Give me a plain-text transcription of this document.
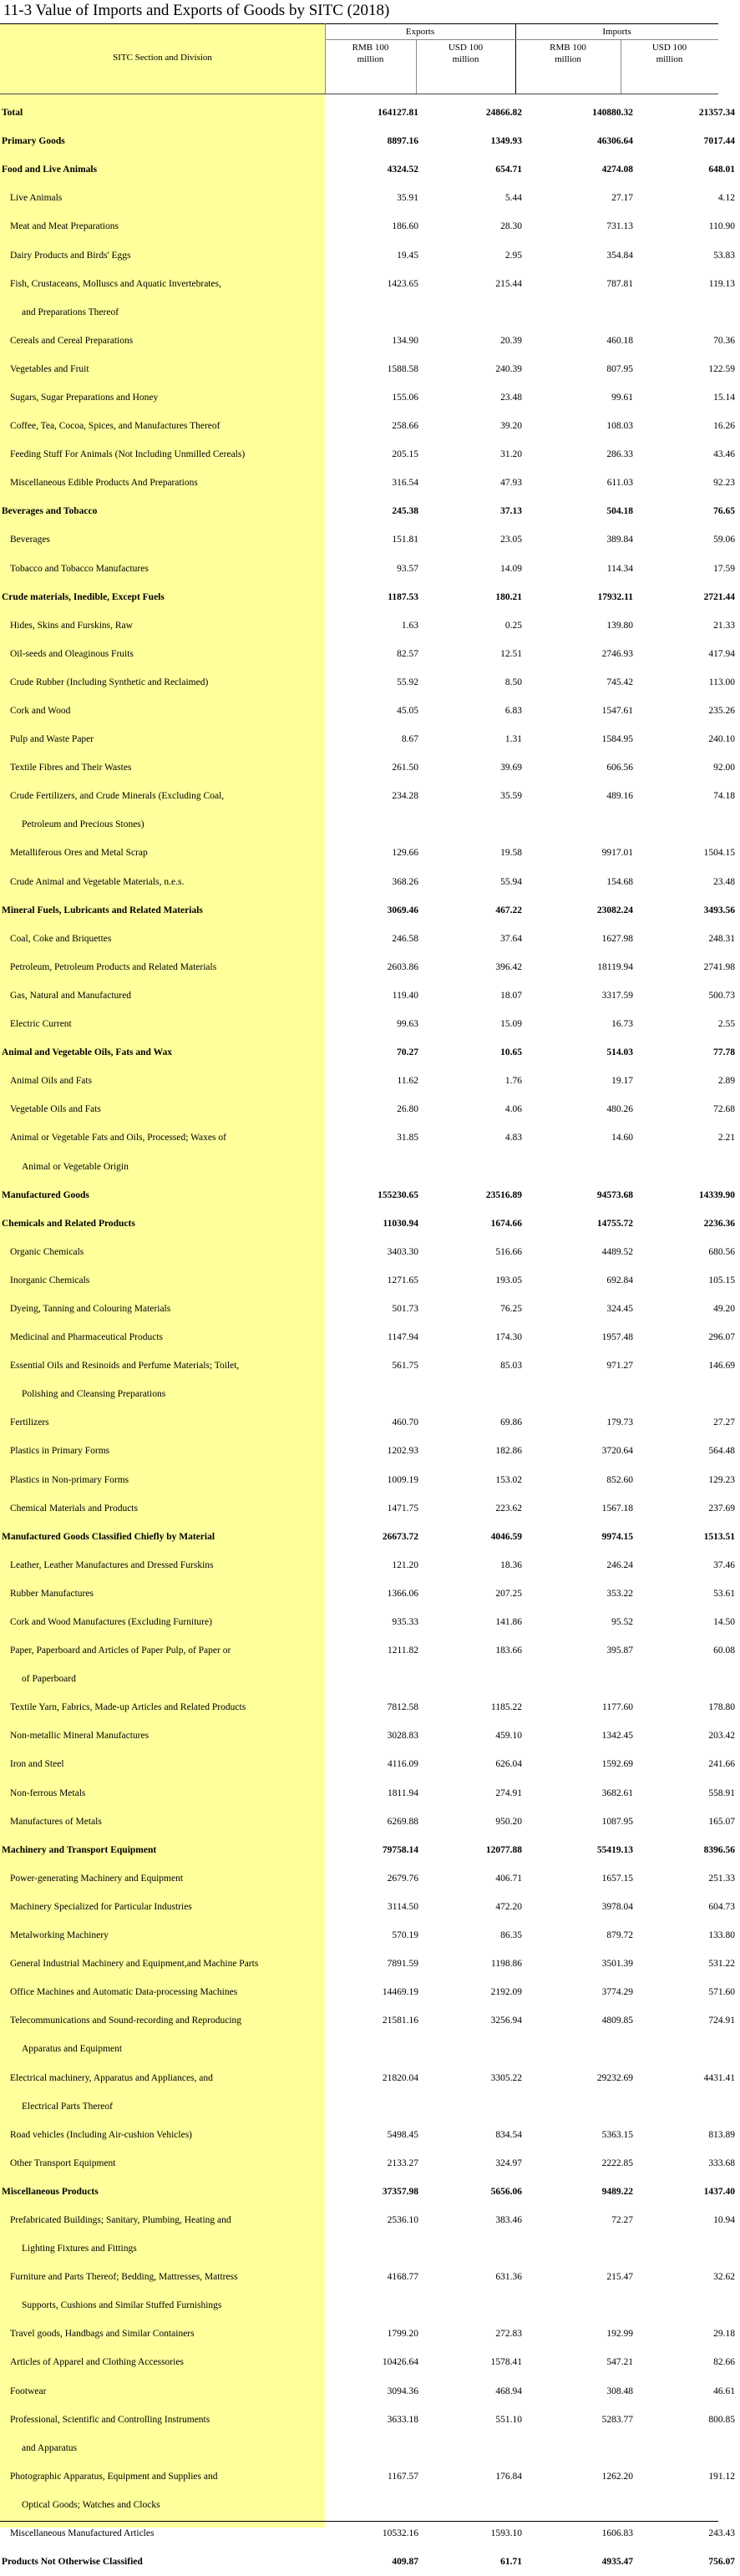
11-3 Value of Imports and Exports of Goods by SITC (2018)
SITC Section and Division
Exports	Imports
RMB 100
million
USD 100
million
RMB 100
million
USD 100
million
Total	164127.81	24866.82	140880.32	21357.34
Primary Goods	8897.16	1349.93	46306.64	7017.44
Food and Live Animals	4324.52	654.71	4274.08	648.01
Live Animals	35.91	5.44	27.17	4.12
Meat and Meat Preparations	186.60	28.30	731.13	110.90
Dairy Products and Birds' Eggs	19.45	2.95	354.84	53.83
Fish, Crustaceans, Molluscs and Aquatic Invertebrates,	1423.65	215.44	787.81	119.13

and Preparations Thereof				

Cereals and Cereal Preparations	134.90	20.39	460.18	70.36
Vegetables and Fruit	1588.58	240.39	807.95	122.59
Sugars, Sugar Preparations and Honey	155.06	23.48	99.61	15.14
Coffee, Tea, Cocoa, Spices, and Manufactures Thereof	258.66	39.20	108.03	16.26
Feeding Stuff For Animals (Not Including Unmilled Cereals)	205.15	31.20	286.33	43.46
Miscellaneous Edible Products And Preparations	316.54	47.93	611.03	92.23
Beverages and Tobacco	245.38	37.13	504.18	76.65
Beverages	151.81	23.05	389.84	59.06
Tobacco and Tobacco Manufactures	93.57	14.09	114.34	17.59
Crude materials, Inedible, Except Fuels	1187.53	180.21	17932.11	2721.44
Hides, Skins and Furskins, Raw	1.63	0.25	139.80	21.33
Oil-seeds and Oleaginous Fruits	82.57	12.51	2746.93	417.94
Crude Rubber (Including Synthetic and Reclaimed)	55.92	8.50	745.42	113.00
Cork and Wood	45.05	6.83	1547.61	235.26
Pulp and Waste Paper	8.67	1.31	1584.95	240.10
Textile Fibres and Their Wastes	261.50	39.69	606.56	92.00
Crude Fertilizers, and Crude Minerals (Excluding Coal,	234.28	35.59	489.16	74.18

Petroleum and Precious Stones)				

Metalliferous Ores and Metal Scrap	129.66	19.58	9917.01	1504.15
Crude Animal and Vegetable Materials, n.e.s.	368.26	55.94	154.68	23.48
Mineral Fuels, Lubricants and Related Materials	3069.46	467.22	23082.24	3493.56
Coal, Coke and Briquettes	246.58	37.64	1627.98	248.31
Petroleum, Petroleum Products and Related Materials	2603.86	396.42	18119.94	2741.98
Gas, Natural and Manufactured	119.40	18.07	3317.59	500.73
Electric Current	99.63	15.09	16.73	2.55
Animal and Vegetable Oils, Fats and Wax	70.27	10.65	514.03	77.78
Animal Oils and Fats	11.62	1.76	19.17	2.89
Vegetable Oils and Fats	26.80	4.06	480.26	72.68
Animal or Vegetable Fats and Oils, Processed; Waxes of	31.85	4.83	14.60	2.21

Animal or Vegetable Origin				

Manufactured Goods	155230.65	23516.89	94573.68	14339.90
Chemicals and Related Products	11030.94	1674.66	14755.72	2236.36
Organic Chemicals	3403.30	516.66	4489.52	680.56
Inorganic Chemicals	1271.65	193.05	692.84	105.15
Dyeing, Tanning and Colouring Materials	501.73	76.25	324.45	49.20
Medicinal and Pharmaceutical Products	1147.94	174.30	1957.48	296.07
Essential Oils and Resinoids and Perfume Materials; Toilet,	561.75	85.03	971.27	146.69

Polishing and Cleansing Preparations				

Fertilizers	460.70	69.86	179.73	27.27
Plastics in Primary Forms	1202.93	182.86	3720.64	564.48
Plastics in Non-primary Forms	1009.19	153.02	852.60	129.23
Chemical Materials and Products	1471.75	223.62	1567.18	237.69
Manufactured Goods Classified Chiefly by Material	26673.72	4046.59	9974.15	1513.51
Leather, Leather Manufactures and Dressed Furskins	121.20	18.36	246.24	37.46
Rubber Manufactures	1366.06	207.25	353.22	53.61
Cork and Wood Manufactures (Excluding Furniture)	935.33	141.86	95.52	14.50
Paper, Paperboard and Articles of Paper Pulp, of Paper or	1211.82	183.66	395.87	60.08

of Paperboard				

Textile Yarn, Fabrics, Made-up Articles and Related Products	7812.58	1185.22	1177.60	178.80
Non-metallic Mineral Manufactures	3028.83	459.10	1342.45	203.42
Iron and Steel	4116.09	626.04	1592.69	241.66
Non-ferrous Metals	1811.94	274.91	3682.61	558.91
Manufactures of Metals	6269.88	950.20	1087.95	165.07
Machinery and Transport Equipment	79758.14	12077.88	55419.13	8396.56
Power-generating Machinery and Equipment	2679.76	406.71	1657.15	251.33
Machinery Specialized for Particular Industries	3114.50	472.20	3978.04	604.73
Metalworking Machinery	570.19	86.35	879.72	133.80
General Industrial Machinery and Equipment,and Machine Parts	7891.59	1198.86	3501.39	531.22
Office Machines and Automatic Data-processing Machines	14469.19	2192.09	3774.29	571.60
Telecommunications and Sound-recording and Reproducing	21581.16	3256.94	4809.85	724.91

Apparatus and Equipment				

Electrical machinery, Apparatus and Appliances, and	21820.04	3305.22	29232.69	4431.41

Electrical Parts Thereof				

Road vehicles (Including Air-cushion Vehicles)	5498.45	834.54	5363.15	813.89
Other Transport Equipment	2133.27	324.97	2222.85	333.68
Miscellaneous Products	37357.98	5656.06	9489.22	1437.40
Prefabricated Buildings; Sanitary, Plumbing, Heating and	2536.10	383.46	72.27	10.94

Lighting Fixtures and Fittings				

Furniture and Parts Thereof; Bedding, Mattresses, Mattress	4168.77	631.36	215.47	32.62

Supports, Cushions and Similar Stuffed Furnishings				

Travel goods, Handbags and Similar Containers	1799.20	272.83	192.99	29.18
Articles of Apparel and Clothing Accessories	10426.64	1578.41	547.21	82.66
Footwear	3094.36	468.94	308.48	46.61
Professional, Scientific and Controlling Instruments	3633.18	551.10	5283.77	800.85

and Apparatus				

Photographic Apparatus, Equipment and Supplies and	1167.57	176.84	1262.20	191.12

Optical Goods; Watches and Clocks				

Miscellaneous Manufactured Articles	10532.16	1593.10	1606.83	243.43
Products Not Otherwise Classified	409.87	61.71	4935.47	756.07
